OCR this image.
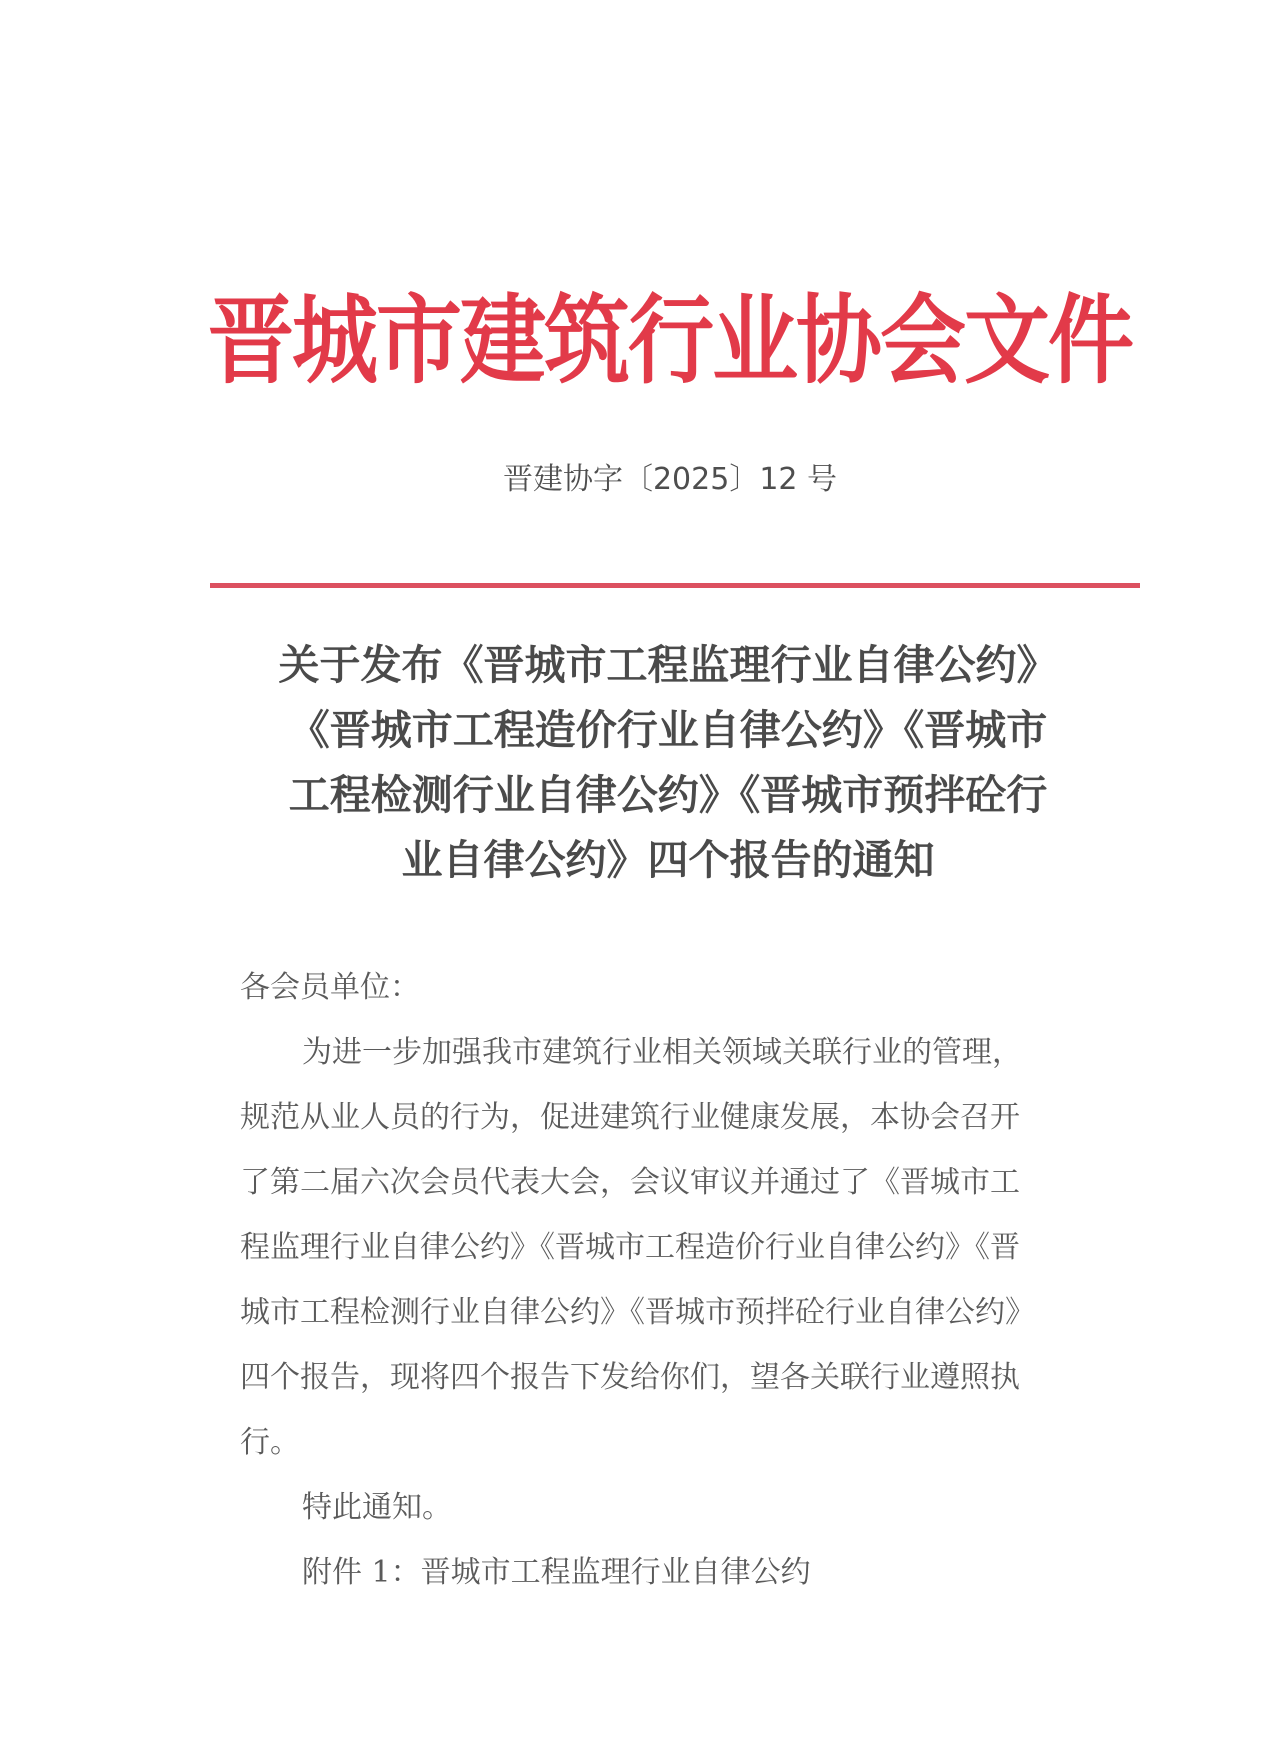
晋城市建筑行业协会文件
晋建协字〔2025〕12 号
关于发布《晋城市工程监理行业自律公约》
《晋城市工程造价行业自律公约》《晋城市
工程检测行业自律公约》《晋城市预拌砼行
业自律公约》四个报告的通知
各会员单位：
为进一步加强我市建筑行业相关领域关联行业的管理，
规范从业人员的行为，促进建筑行业健康发展，本协会召开
了第二届六次会员代表大会，会议审议并通过了《晋城市工
程监理行业自律公约》《晋城市工程造价行业自律公约》《晋
城市工程检测行业自律公约》《晋城市预拌砼行业自律公约》
四个报告，现将四个报告下发给你们，望各关联行业遵照执
行。
特此通知。
附件 1：晋城市工程监理行业自律公约
